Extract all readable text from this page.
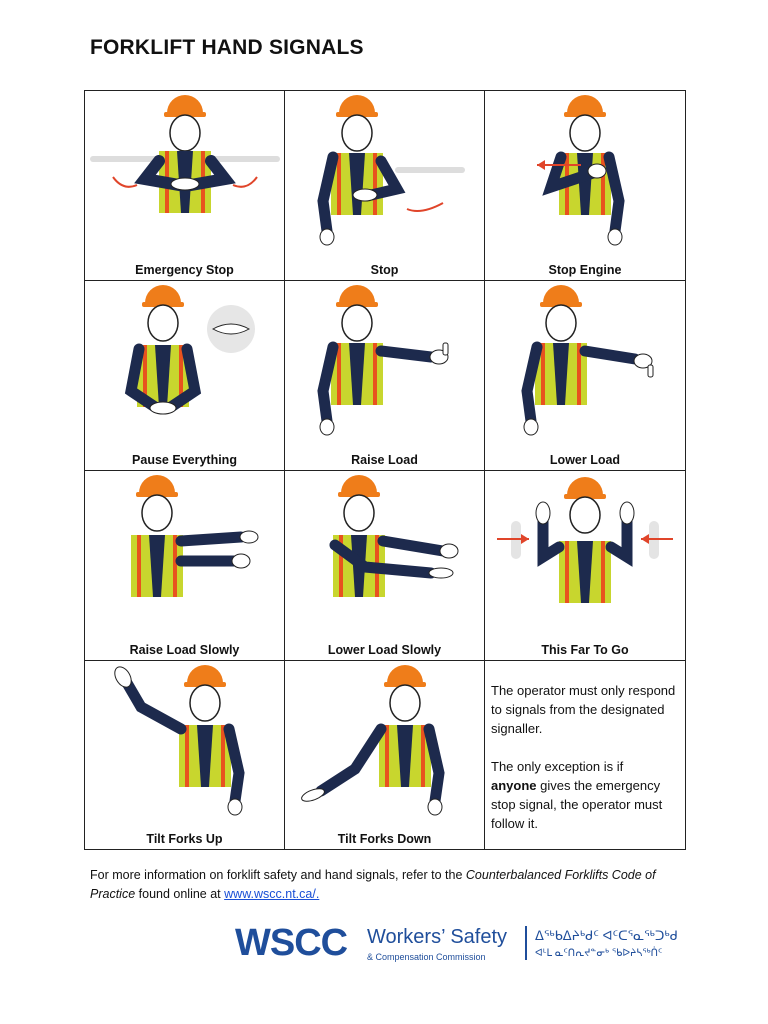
FORKLIFT HAND SIGNALS
Emergency Stop	Stop	Stop Engine
Pause Everything	Raise Load	Lower Load
Raise Load Slowly	Lower Load Slowly	This Far To Go
Tilt Forks Up	Tilt Forks Down

The operator must only respond to signals from the designated signaller.

The only exception is if
anyone gives the emergency stop signal, the operator must follow it.

For more information on forklift safety and hand signals, refer to the Counterbalanced Forklifts Code of Practice found online at www.wscc.nt.ca/.
WSCC Workers’ Safety
& Compensation Commission
ᐃᖅᑲᐃᔨᒃᑯᑦ ᐊᑦᑕᕐᓇᖅᑐᒃᑯ
ᐊᒻᒪ ᓇᑦᑎᕆᔪᓐᓂᒃ ᖃᐅᔨᓴᖅᑏᑦ
